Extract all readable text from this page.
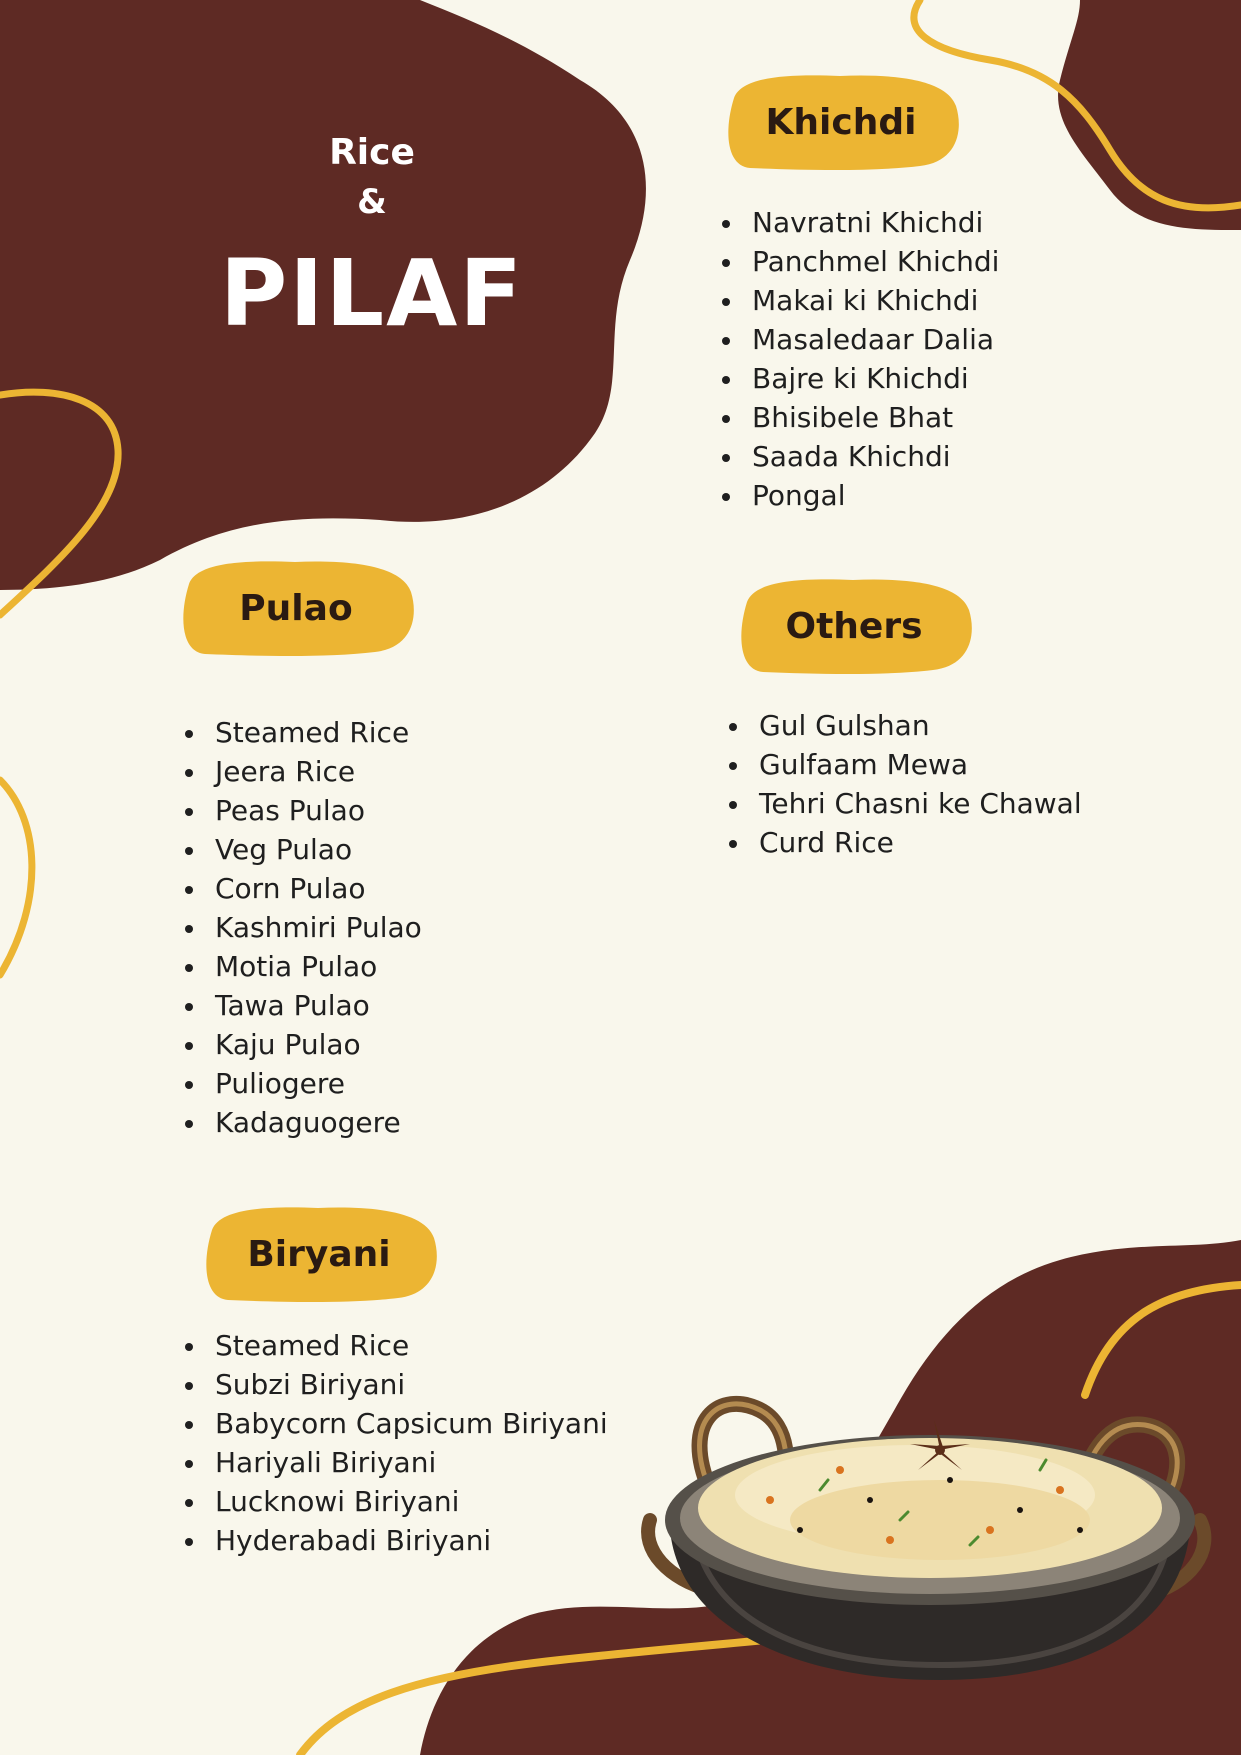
Rice
&
PILAF
Khichdi
Navratni Khichdi
Panchmel Khichdi
Makai ki Khichdi
Masaledaar Dalia
Bajre ki Khichdi
Bhisibele Bhat
Saada Khichdi
Pongal
Pulao
Steamed Rice
Jeera Rice
Peas Pulao
Veg Pulao
Corn Pulao
Kashmiri Pulao
Motia Pulao
Tawa Pulao
Kaju Pulao
Puliogere
Kadaguogere
Others
Gul Gulshan
Gulfaam Mewa
Tehri Chasni ke Chawal
Curd Rice
Biryani
Steamed Rice
Subzi Biriyani
Babycorn Capsicum Biriyani
Hariyali Biriyani
Lucknowi Biriyani
Hyderabadi Biriyani
